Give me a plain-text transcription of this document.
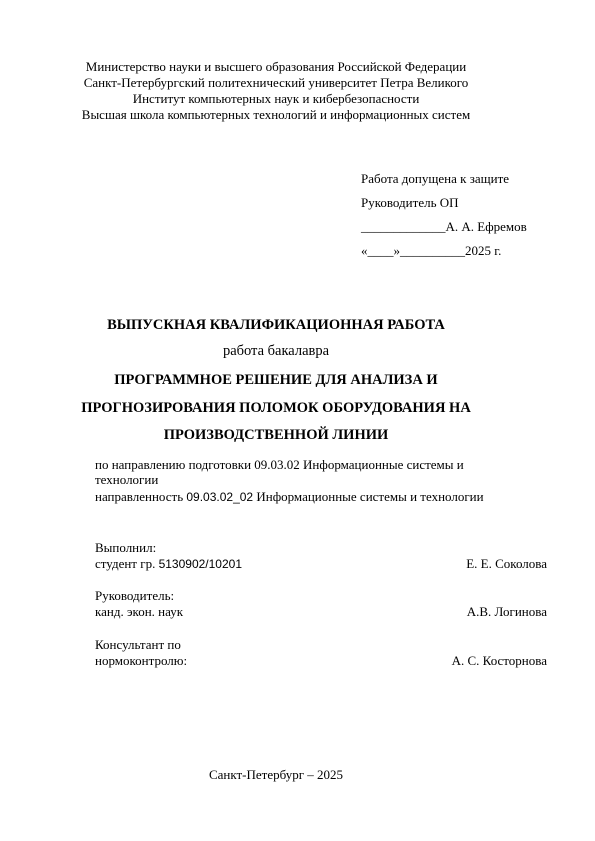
Министерство науки и высшего образования Российской Федерации
Санкт-Петербургский политехнический университет Петра Великого
Институт компьютерных наук и кибербезопасности
Высшая школа компьютерных технологий и информационных систем
Работа допущена к защите
Руководитель ОП
_____________А. А. Ефремов
«____»__________2025 г.
ВЫПУСКНАЯ КВАЛИФИКАЦИОННАЯ РАБОТА
работа бакалавра
ПРОГРАММНОЕ РЕШЕНИЕ ДЛЯ АНАЛИЗА И
ПРОГНОЗИРОВАНИЯ ПОЛОМОК ОБОРУДОВАНИЯ НА
ПРОИЗВОДСТВЕННОЙ ЛИНИИ
по направлению подготовки 09.03.02 Информационные системы и
технологии
направленность 09.03.02_02 Информационные системы и технологии
Выполнил:
студент гр. 5130902/10201	Е. Е. Соколова
Руководитель:
канд. экон. наук	А.В. Логинова
Консультант по
нормоконтролю:	А. С. Косторнова
Санкт-Петербург – 2025
